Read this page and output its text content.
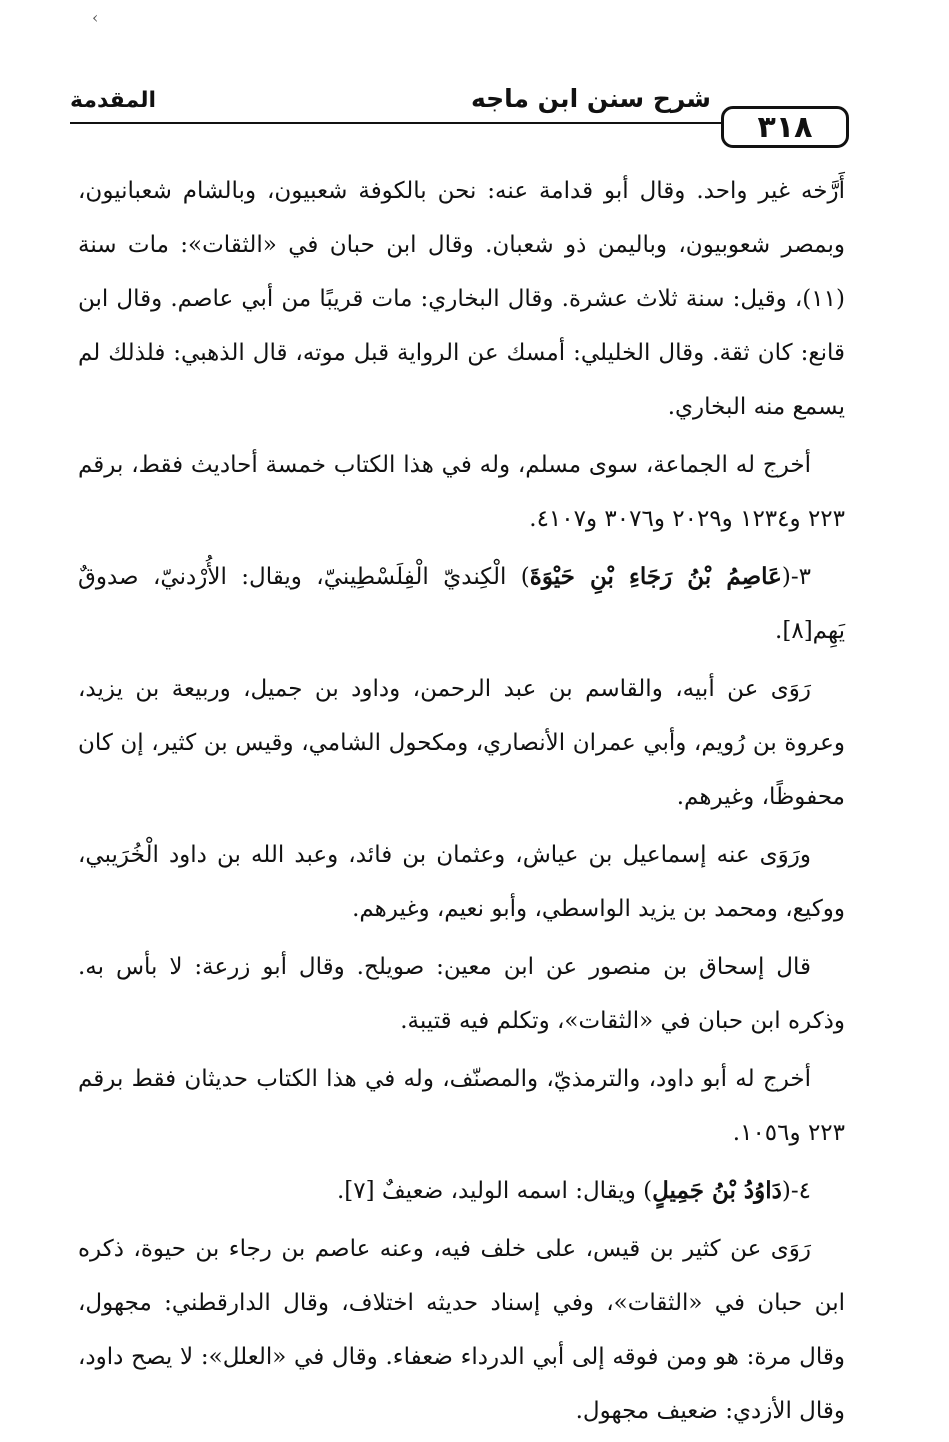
‹
٣١٨
شرح سنن ابن ماجه
المقدمة

أَرَّخه غير واحد. وقال أبو قدامة عنه: نحن بالكوفة شعبيون، وبالشام شعبانيون، وبمصر شعوبيون، وباليمن ذو شعبان. وقال ابن حبان في «الثقات»: مات سنة (١١)، وقيل: سنة ثلاث عشرة. وقال البخاري: مات قريبًا من أبي عاصم. وقال ابن قانع: كان ثقة. وقال الخليلي: أمسك عن الرواية قبل موته، قال الذهبي: فلذلك لم يسمع منه البخاري.

أخرج له الجماعة، سوى مسلم، وله في هذا الكتاب خمسة أحاديث فقط، برقم ٢٢٣ و١٢٣٤ و٢٠٢٩ و٣٠٧٦ و٤١٠٧.

٣-(عَاصِمُ بْنُ رَجَاءِ بْنِ حَيْوَةَ) الْكِنديّ الْفِلَسْطِينيّ، ويقال: الأُرْدنيّ، صدوقٌ يَهِم[٨].

رَوَى عن أبيه، والقاسم بن عبد الرحمن، وداود بن جميل، وربيعة بن يزيد، وعروة بن رُويم، وأبي عمران الأنصاري، ومكحول الشامي، وقيس بن كثير، إن كان محفوظًا، وغيرهم.

ورَوَى عنه إسماعيل بن عياش، وعثمان بن فائد، وعبد الله بن داود الْخُرَيبي، ووكيع، ومحمد بن يزيد الواسطي، وأبو نعيم، وغيرهم.

قال إسحاق بن منصور عن ابن معين: صويلح. وقال أبو زرعة: لا بأس به. وذكره ابن حبان في «الثقات»، وتكلم فيه قتيبة.

أخرج له أبو داود، والترمذيّ، والمصنّف، وله في هذا الكتاب حديثان فقط برقم ٢٢٣ و١٠٥٦.

٤-(دَاوُدُ بْنُ جَمِيلٍ) ويقال: اسمه الوليد، ضعيفٌ [٧].

رَوَى عن كثير بن قيس، على خلف فيه، وعنه عاصم بن رجاء بن حيوة، ذكره ابن حبان في «الثقات»، وفي إسناد حديثه اختلاف، وقال الدارقطني: مجهول، وقال مرة: هو ومن فوقه إلى أبي الدرداء ضعفاء. وقال في «العلل»: لا يصح داود، وقال الأزدي: ضعيف مجهول.
